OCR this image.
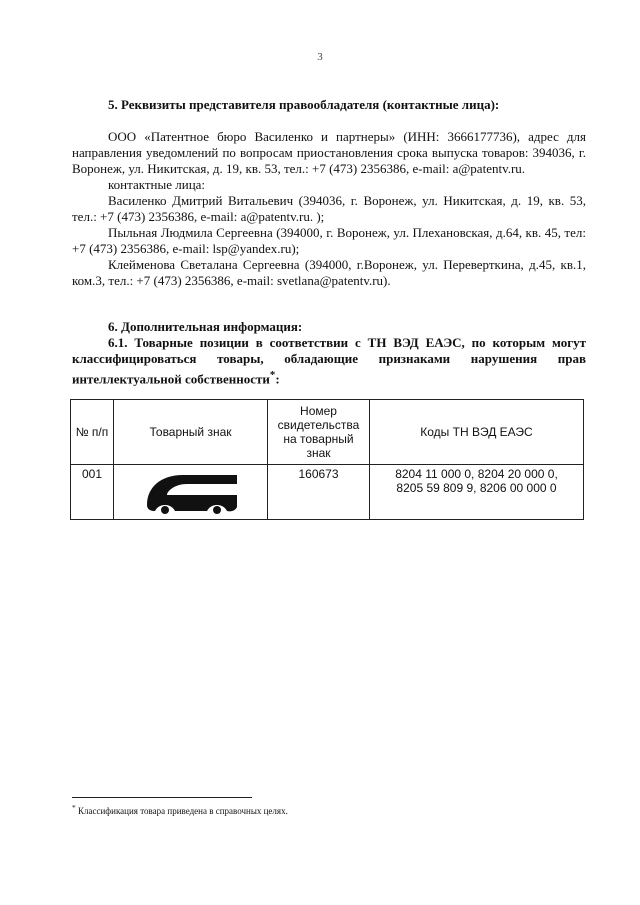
3

5. Реквизиты представителя правообладателя (контактные лица):

ООО «Патентное бюро Василенко и партнеры» (ИНН: 3666177736), адрес для направления уведомлений по вопросам приостановления срока выпуска товаров: 394036, г. Воронеж, ул. Никитская, д. 19, кв. 53, тел.: +7 (473) 2356386, e-mail: a@patentv.ru.

контактные лица:

Василенко Дмитрий Витальевич (394036, г. Воронеж, ул. Никитская, д. 19, кв. 53, тел.: +7 (473) 2356386, e-mail: a@patentv.ru. );

Пыльная Людмила Сергеевна (394000, г. Воронеж, ул. Плехановская, д.64, кв. 45, тел: +7 (473) 2356386, e-mail: lsp@yandex.ru);

Клейменова Светалана Сергеевна (394000, г.Воронеж, ул. Переверткина, д.45, кв.1, ком.3, тел.: +7 (473) 2356386, e-mail: svetlana@patentv.ru).

6. Дополнительная информация:

6.1. Товарные позиции в соответствии с ТН ВЭД ЕАЭС, по которым могут классифицироваться товары, обладающие признаками нарушения прав интеллектуальной собственности*:

№ п/п	Товарный знак	Номер свидетельства на товарный знак	Коды ТН ВЭД ЕАЭС
001		160673	8204 11 000 0, 8204 20 000 0,
8205 59 809 9, 8206 00 000 0
* Классификация товара приведена в справочных целях.
